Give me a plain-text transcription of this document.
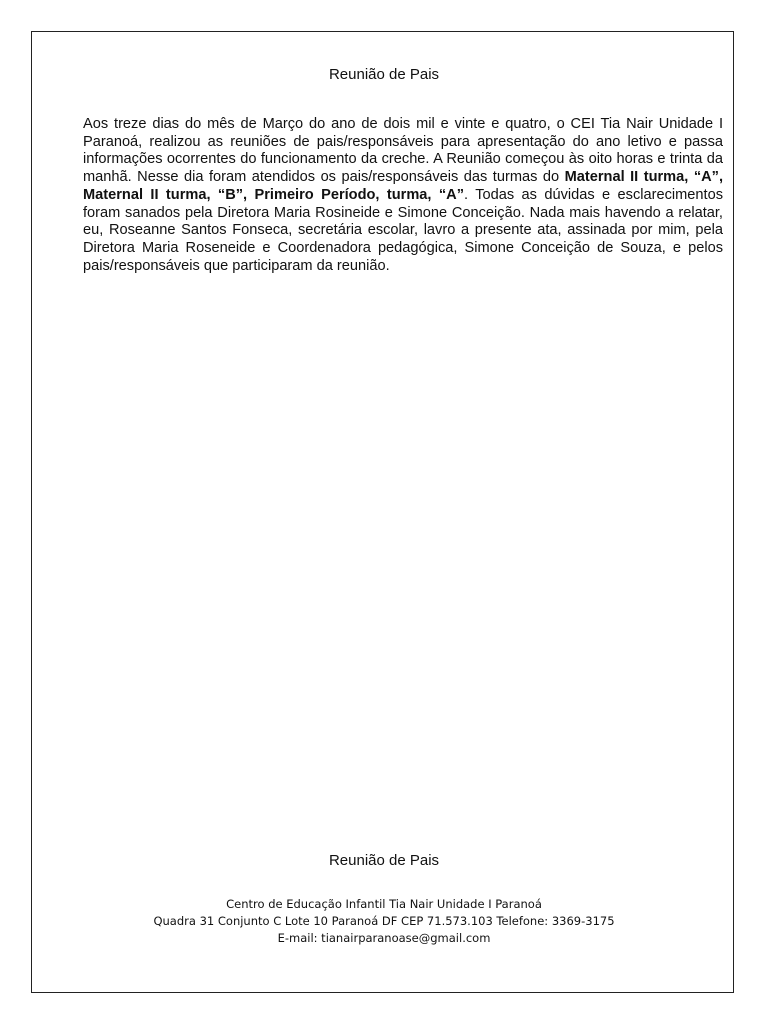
Reunião de Pais

Aos treze dias do mês de Março do ano de dois mil e vinte e quatro, o CEI Tia Nair Unidade I Paranoá, realizou as reuniões de pais/responsáveis para apresentação do ano letivo e passa informações ocorrentes do funcionamento da creche. A Reunião começou às oito horas e trinta da manhã. Nesse dia foram atendidos os pais/responsáveis das turmas do Maternal II turma, “A”, Maternal II turma, “B”, Primeiro Período, turma, “A”. Todas as dúvidas e esclarecimentos foram sanados pela Diretora Maria Rosineide e Simone Conceição. Nada mais havendo a relatar, eu, Roseanne Santos Fonseca, secretária escolar, lavro a presente ata, assinada por mim, pela Diretora Maria Roseneide e Coordenadora pedagógica, Simone Conceição de Souza, e pelos pais/responsáveis que participaram da reunião.

Reunião de Pais
Centro de Educação Infantil Tia Nair Unidade I Paranoá
Quadra 31 Conjunto C Lote 10 Paranoá DF CEP 71.573.103 Telefone: 3369-3175
E-mail: tianairparanoase@gmail.com
